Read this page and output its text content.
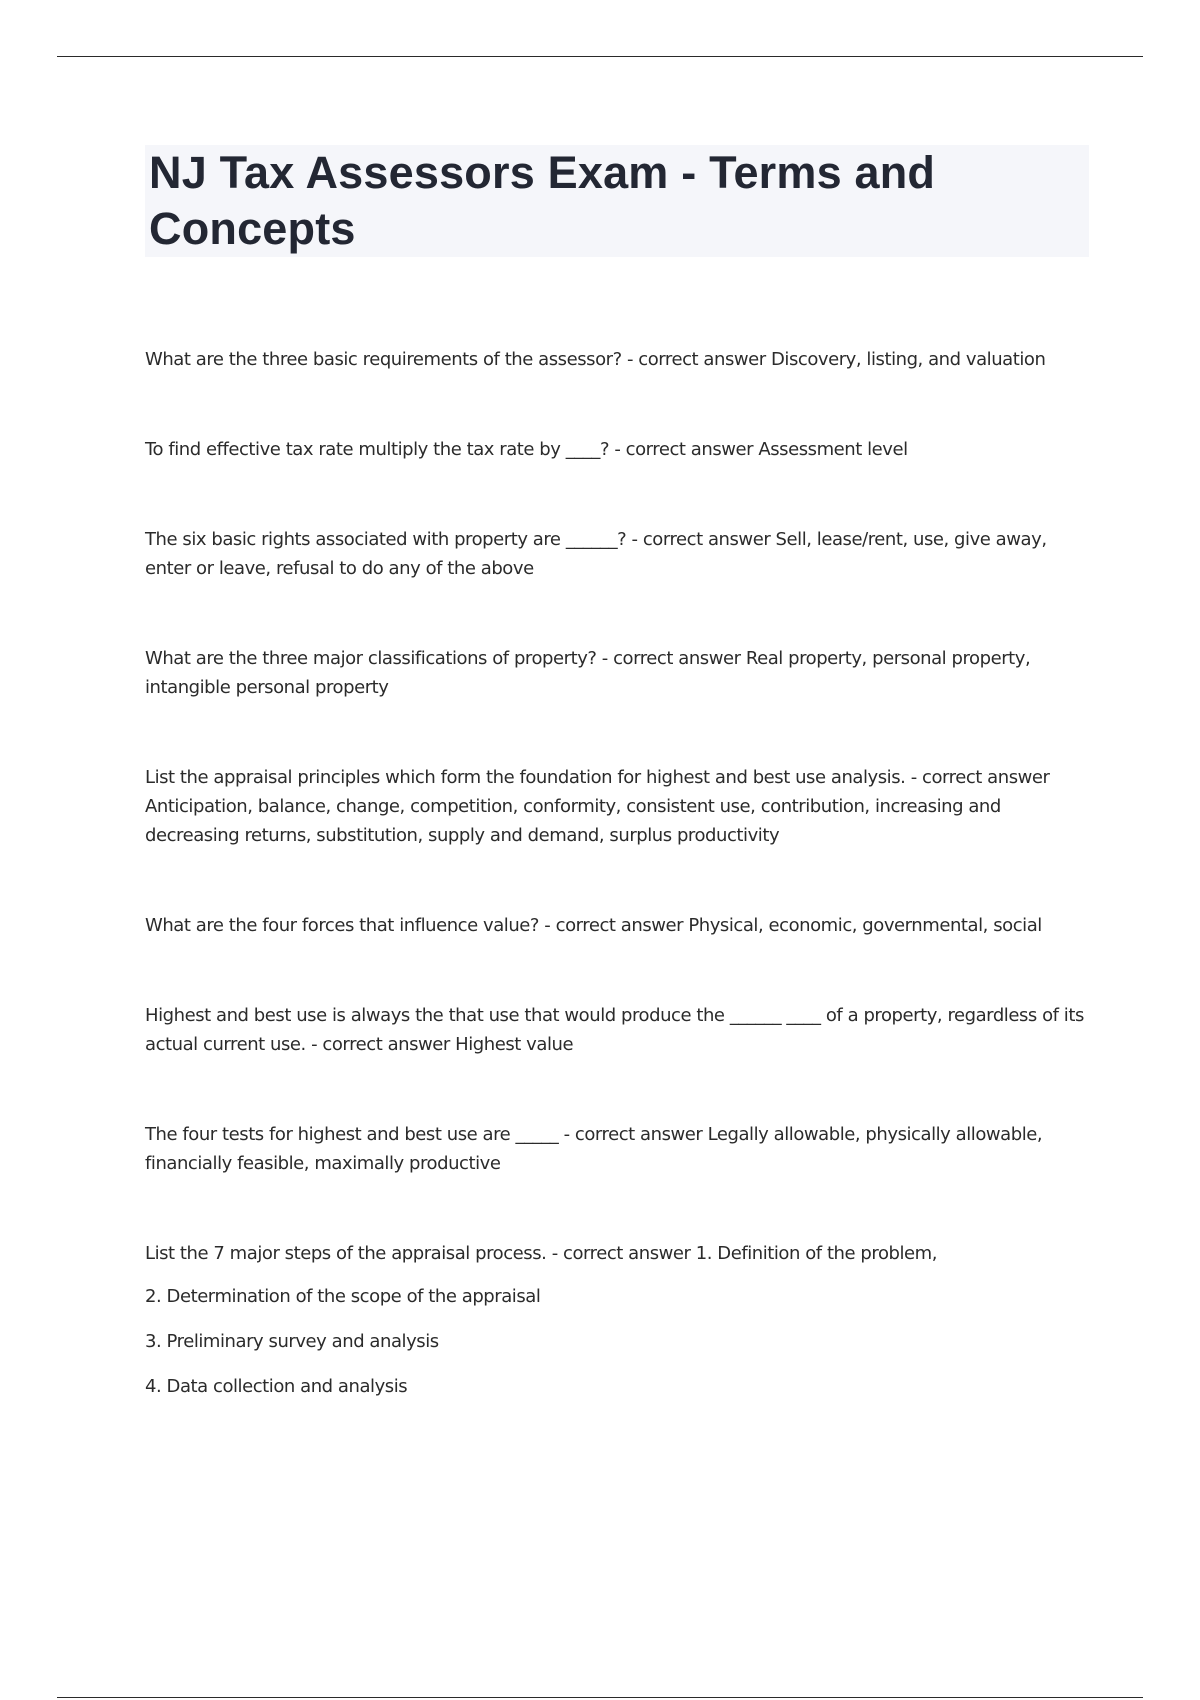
NJ Tax Assessors Exam - Terms and Concepts

What are the three basic requirements of the assessor? - correct answer Discovery, listing, and valuation

To find effective tax rate multiply the tax rate by ____? - correct answer Assessment level

The six basic rights associated with property are ______? - correct answer Sell, lease/rent, use, give away, enter or leave, refusal to do any of the above

What are the three major classifications of property? - correct answer Real property, personal property, intangible personal property

List the appraisal principles which form the foundation for highest and best use analysis. - correct answer Anticipation, balance, change, competition, conformity, consistent use, contribution, increasing and decreasing returns, substitution, supply and demand, surplus productivity

What are the four forces that influence value? - correct answer Physical, economic, governmental, social

Highest and best use is always the that use that would produce the ______ ____ of a property, regardless of its actual current use. - correct answer Highest value

The four tests for highest and best use are _____ - correct answer Legally allowable, physically allowable, financially feasible, maximally productive

List the 7 major steps of the appraisal process. - correct answer 1. Definition of the problem,

2. Determination of the scope of the appraisal

3. Preliminary survey and analysis

4. Data collection and analysis
